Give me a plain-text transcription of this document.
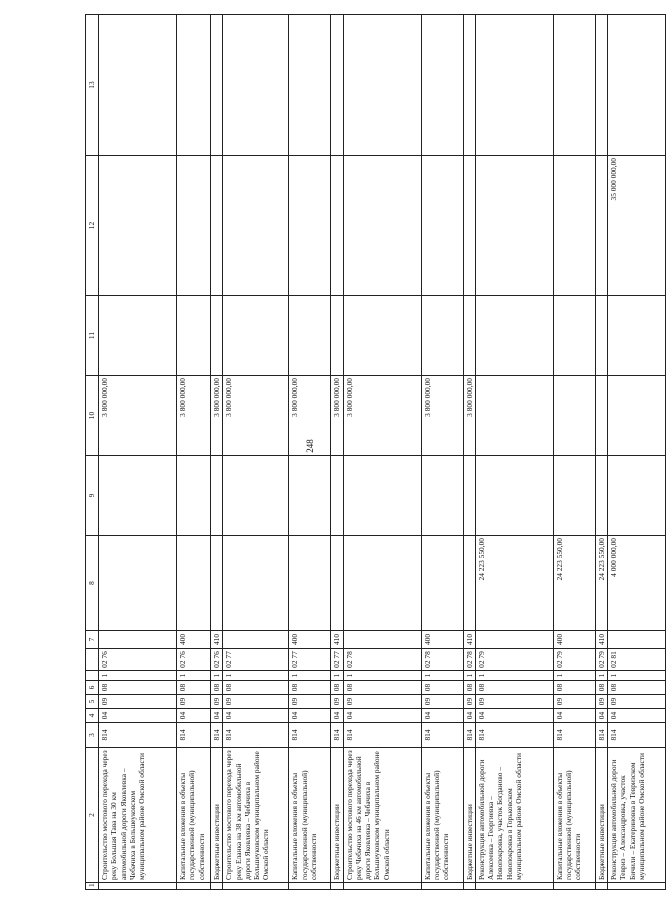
248
1	2	3	4	5	6			7	8	9	10	11	12	13
	Строительство мостового перехода через реку Большая Тава на 30 км автомобильной дороги Яковлевка – Чебачиха в Большеуковском муниципальном районе Омской области	814	04	09	08	1	02 76				3 800 000,00			
	Капитальные вложения в объекты государственной (муниципальной) собственности	814	04	09	08	1	02 76	400			3 800 000,00			
	Бюджетные инвестиции	814	04	09	08	1	02 76	410			3 800 000,00			
	Строительство мостового перехода через реку Еланка на 38 км автомобильной дороги Яковлевка – Чебачиха в Большеуковском муниципальном районе Омской области	814	04	09	08	1	02 77				3 800 000,00			
	Капитальные вложения в объекты государственной (муниципальной) собственности	814	04	09	08	1	02 77	400			3 800 000,00			
	Бюджетные инвестиции	814	04	09	08	1	02 77	410			3 800 000,00			
	Строительство мостового перехода через реку Чебачиха на 46 км автомобильной дороги Яковлевка – Чебачиха в Большеуковском муниципальном районе Омской области	814	04	09	08	1	02 78				3 800 000,00			
	Капитальные вложения в объекты государственной (муниципальной) собственности	814	04	09	08	1	02 78	400			3 800 000,00			
	Бюджетные инвестиции	814	04	09	08	1	02 78	410			3 800 000,00			
	Реконструкция автомобильной дороги Алексеевка – Георгиевка – Новопокровка, участок Богданово – Новопокровка в Горьковском муниципальном районе Омской области	814	04	09	08	1	02 79		24 223 550,00					
	Капитальные вложения в объекты государственной (муниципальной) собственности	814	04	09	08	1	02 79	400	24 223 550,00					
	Бюджетные инвестиции	814	04	09	08	1	02 79	410	24 223 550,00					
	Реконструкция автомобильной дороги Тевриз – Александровка, участок Бичили – Екатериновка в Тевризском муниципальном районе Омской области	814	04	09	08	1	02 81		4 000 000,00				35 000 000,00	
